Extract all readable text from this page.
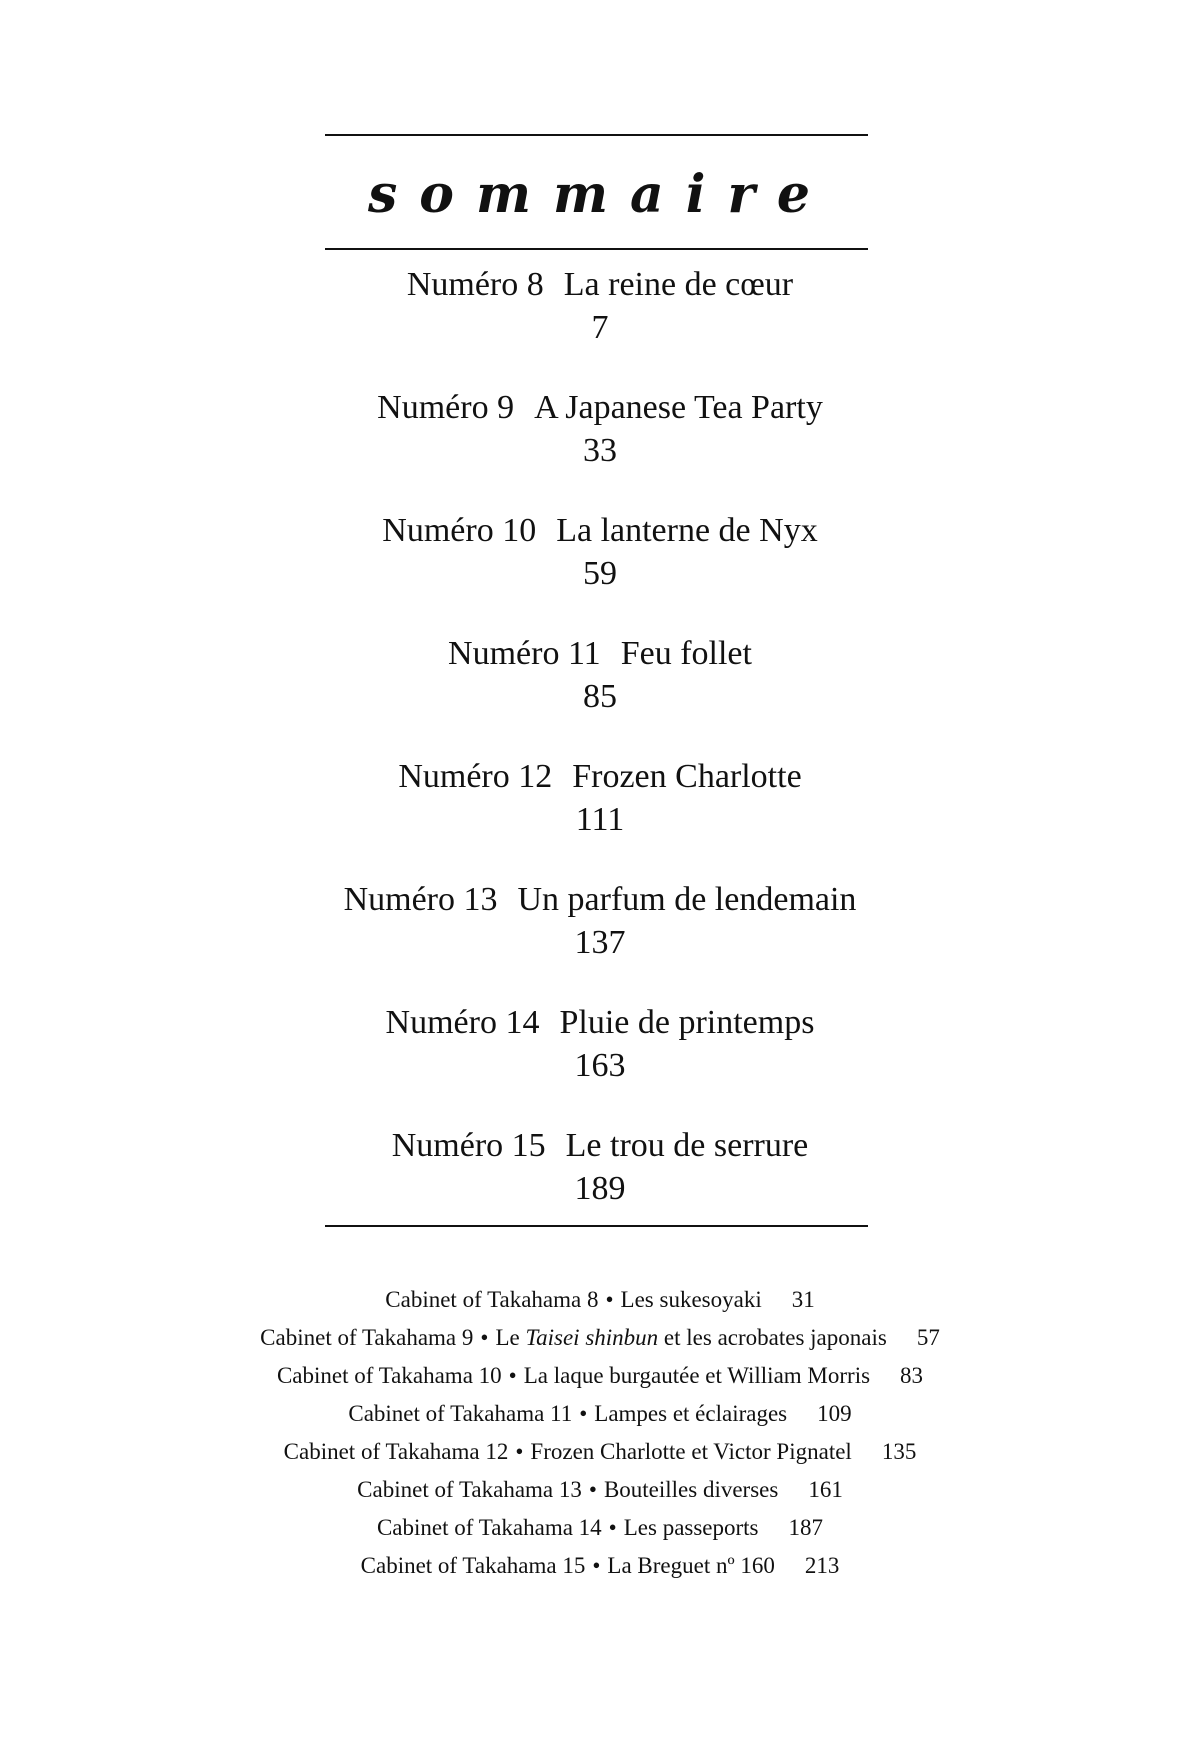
sommaire
Numéro 8 La reine de cœur
7
Numéro 9 A Japanese Tea Party
33
Numéro 10 La lanterne de Nyx
59
Numéro 11 Feu follet
85
Numéro 12 Frozen Charlotte
111
Numéro 13 Un parfum de lendemain
137
Numéro 14 Pluie de printemps
163
Numéro 15 Le trou de serrure
189
Cabinet of Takahama 8 • Les sukesoyaki 31
Cabinet of Takahama 9 • Le Taisei shinbun et les acrobates japonais 57
Cabinet of Takahama 10 • La laque burgautée et William Morris 83
Cabinet of Takahama 11 • Lampes et éclairages 109
Cabinet of Takahama 12 • Frozen Charlotte et Victor Pignatel 135
Cabinet of Takahama 13 • Bouteilles diverses 161
Cabinet of Takahama 14 • Les passeports 187
Cabinet of Takahama 15 • La Breguet nº 160 213
